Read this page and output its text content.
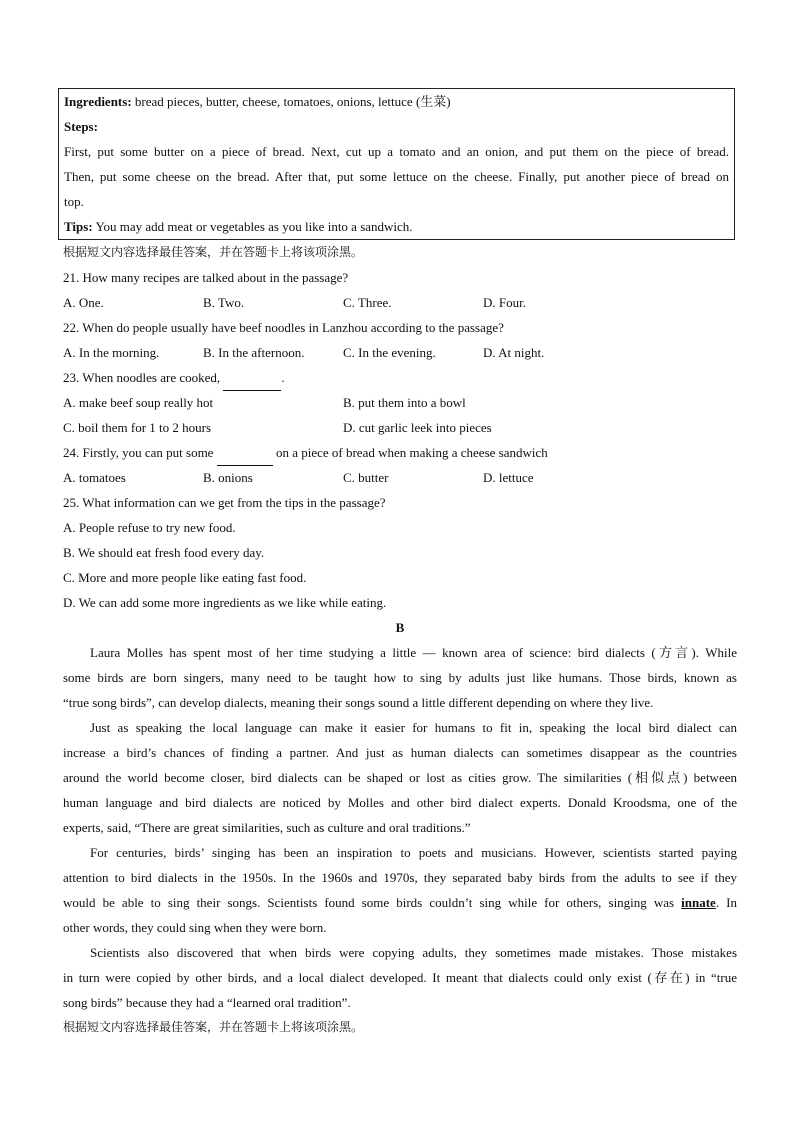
Ingredients: bread pieces, butter, cheese, tomatoes, onions, lettuce (生菜)
Steps:
First, put some butter on a piece of bread. Next, cut up a tomato and an onion, and put them on the piece of bread.
Then, put some cheese on the bread. After that, put some lettuce on the cheese. Finally, put another piece of bread on
top.
Tips: You may add meat or vegetables as you like into a sandwich.
根据短文内容选择最佳答案，并在答题卡上将该项涂黑。
21. How many recipes are talked about in the passage?
A. One.	B. Two.	C. Three.	D. Four.
22. When do people usually have beef noodles in Lanzhou according to the passage?
A. In the morning.	B. In the afternoon.	C. In the evening.	D. At night.
23. When noodles are cooked,	.
A. make beef soup really hot	B. put them into a bowl
C. boil them for 1 to 2 hours	D. cut garlic leek into pieces
24. Firstly, you can put some	on a piece of bread when making a cheese sandwich
A. tomatoes	B. onions	C. butter	D. lettuce
25. What information can we get from the tips in the passage?
A. People refuse to try new food.
B. We should eat fresh food every day.
C. More and more people like eating fast food.
D. We can add some more ingredients as we like while eating.
B
Laura Molles has spent most of her time studying a little — known area of science: bird dialects (方言). While
some birds are born singers, many need to be taught how to sing by adults just like humans. Those birds, known as
“true song birds”, can develop dialects, meaning their songs sound a little different depending on where they live.
Just as speaking the local language can make it easier for humans to fit in, speaking the local bird dialect can
increase a bird’s chances of finding a partner. And just as human dialects can sometimes disappear as the countries
around the world become closer, bird dialects can be shaped or lost as cities grow. The similarities (相似点) between
human language and bird dialects are noticed by Molles and other bird dialect experts. Donald Kroodsma, one of the
experts, said, “There are great similarities, such as culture and oral traditions.”
For centuries, birds’ singing has been an inspiration to poets and musicians. However, scientists started paying
attention to bird dialects in the 1950s. In the 1960s and 1970s, they separated baby birds from the adults to see if they
would be able to sing their songs. Scientists found some birds couldn’t sing while for others, singing was innate. In
other words, they could sing when they were born.
Scientists also discovered that when birds were copying adults, they sometimes made mistakes. Those mistakes
in turn were copied by other birds, and a local dialect developed. It meant that dialects could only exist (存在) in “true
song birds” because they had a “learned oral tradition”.
根据短文内容选择最佳答案，并在答题卡上将该项涂黑。
